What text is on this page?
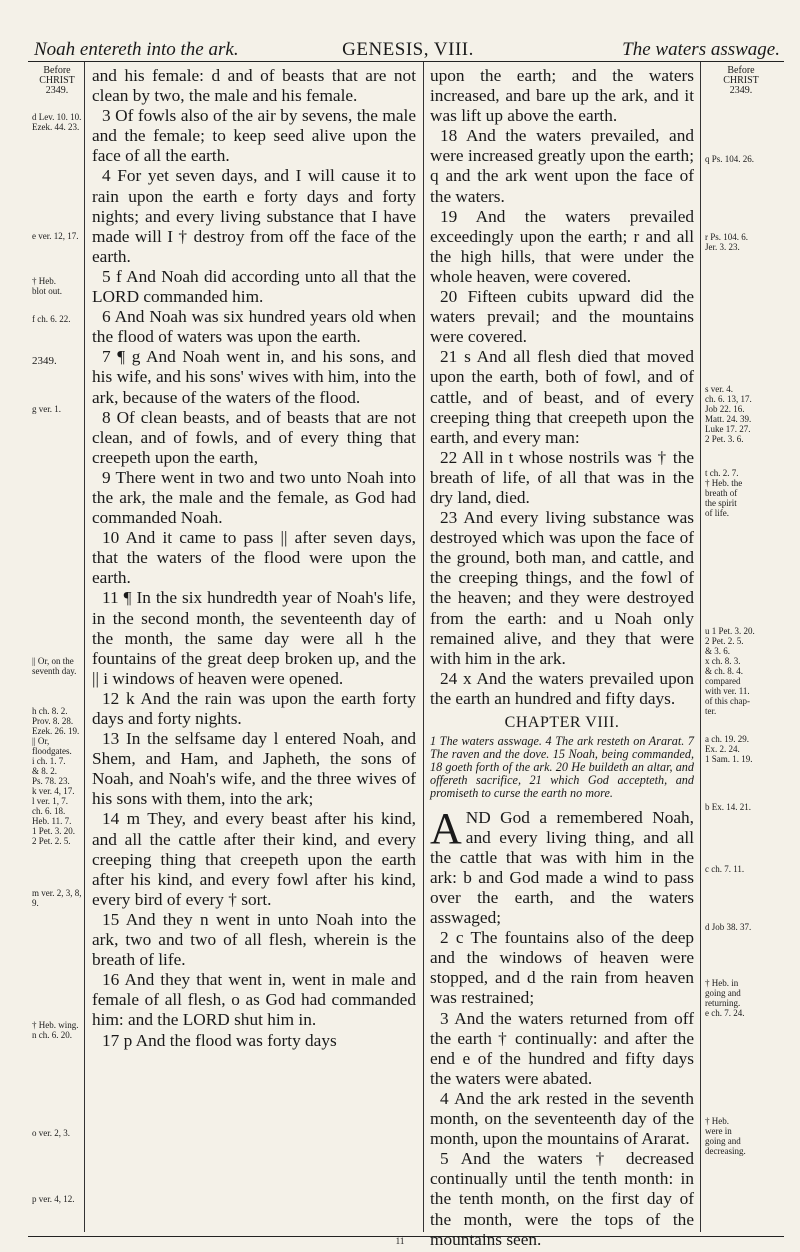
Noah entereth into the ark.	GENESIS, VIII.	The waters asswage.
Before
CHRIST
2349.
d Lev. 10. 10.
Ezek. 44. 23.
e ver. 12, 17.
† Heb.
blot out.
f ch. 6. 22.
2349.
g ver. 1.
|| Or, on the
seventh day.
h ch. 8. 2.
Prov. 8. 28.
Ezek. 26. 19.
|| Or,
floodgates.
i ch. 1. 7.
& 8. 2.
Ps. 78. 23.
k ver. 4, 17.
l ver. 1, 7.
ch. 6. 18.
Heb. 11. 7.
1 Pet. 3. 20.
2 Pet. 2. 5.
m ver. 2, 3, 8, 9.
† Heb. wing.
n ch. 6. 20.
o ver. 2, 3.
p ver. 4, 12.

and his female: d and of beasts that are not clean by two, the male and his female.

3 Of fowls also of the air by sevens, the male and the female; to keep seed alive upon the face of all the earth.

4 For yet seven days, and I will cause it to rain upon the earth e forty days and forty nights; and every living substance that I have made will I † destroy from off the face of the earth.

5 f And Noah did according unto all that the LORD commanded him.

6 And Noah was six hundred years old when the flood of waters was upon the earth.

7 ¶ g And Noah went in, and his sons, and his wife, and his sons' wives with him, into the ark, because of the waters of the flood.

8 Of clean beasts, and of beasts that are not clean, and of fowls, and of every thing that creepeth upon the earth,

9 There went in two and two unto Noah into the ark, the male and the female, as God had commanded Noah.

10 And it came to pass || after seven days, that the waters of the flood were upon the earth.

11 ¶ In the six hundredth year of Noah's life, in the second month, the seventeenth day of the month, the same day were all h the fountains of the great deep broken up, and the || i windows of heaven were opened.

12 k And the rain was upon the earth forty days and forty nights.

13 In the selfsame day l entered Noah, and Shem, and Ham, and Japheth, the sons of Noah, and Noah's wife, and the three wives of his sons with them, into the ark;

14 m They, and every beast after his kind, and all the cattle after their kind, and every creeping thing that creepeth upon the earth after his kind, and every fowl after his kind, every bird of every † sort.

15 And they n went in unto Noah into the ark, two and two of all flesh, wherein is the breath of life.

16 And they that went in, went in male and female of all flesh, o as God had commanded him: and the LORD shut him in.

17 p And the flood was forty days

upon the earth; and the waters increased, and bare up the ark, and it was lift up above the earth.

18 And the waters prevailed, and were increased greatly upon the earth; q and the ark went upon the face of the waters.

19 And the waters prevailed exceedingly upon the earth; r and all the high hills, that were under the whole heaven, were covered.

20 Fifteen cubits upward did the waters prevail; and the mountains were covered.

21 s And all flesh died that moved upon the earth, both of fowl, and of cattle, and of beast, and of every creeping thing that creepeth upon the earth, and every man:

22 All in t whose nostrils was † the breath of life, of all that was in the dry land, died.

23 And every living substance was destroyed which was upon the face of the ground, both man, and cattle, and the creeping things, and the fowl of the heaven; and they were destroyed from the earth: and u Noah only remained alive, and they that were with him in the ark.

24 x And the waters prevailed upon the earth an hundred and fifty days.

CHAPTER VIII.
1 The waters asswage. 4 The ark resteth on Ararat. 7 The raven and the dove. 15 Noah, being commanded, 18 goeth forth of the ark. 20 He buildeth an altar, and offereth sacrifice, 21 which God accepteth, and promiseth to curse the earth no more.

AND God a remembered Noah, and every living thing, and all the cattle that was with him in the ark: b and God made a wind to pass over the earth, and the waters asswaged;

2 c The fountains also of the deep and the windows of heaven were stopped, and d the rain from heaven was restrained;

3 And the waters returned from off the earth † continually: and after the end e of the hundred and fifty days the waters were abated.

4 And the ark rested in the seventh month, on the seventeenth day of the month, upon the mountains of Ararat.

5 And the waters † decreased continually until the tenth month: in the tenth month, on the first day of the month, were the tops of the mountains seen.

Before
CHRIST
2349.
q Ps. 104. 26.
r Ps. 104. 6.
Jer. 3. 23.
s ver. 4.
ch. 6. 13, 17.
Job 22. 16.
Matt. 24. 39.
Luke 17. 27.
2 Pet. 3. 6.
t ch. 2. 7.
† Heb. the
breath of
the spirit
of life.
u 1 Pet. 3. 20.
2 Pet. 2. 5.
& 3. 6.
x ch. 8. 3.
& ch. 8. 4.
compared
with ver. 11.
of this chap-
ter.
a ch. 19. 29.
Ex. 2. 24.
1 Sam. 1. 19.
b Ex. 14. 21.
c ch. 7. 11.
d Job 38. 37.
† Heb. in
going and
returning.
e ch. 7. 24.
† Heb.
were in
going and
decreasing.
11
